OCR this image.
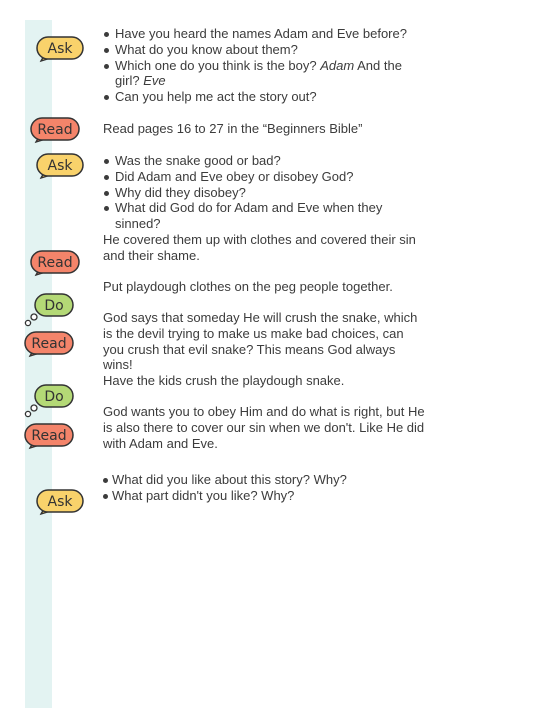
Ask
Read
Ask
Read
Do
Read
Do
Read
Ask
Have you heard the names Adam and Eve before?
What do you know about them?
Which one do you think is the boy? Adam And the girl? Eve
Can you help me act the story out?

Read pages 16 to 27 in the “Beginners Bible”

Was the snake good or bad?
Did Adam and Eve obey or disobey God?
Why did they disobey?
What did God do for Adam and Eve when they sinned?

He covered them up with clothes and covered their sin and their shame.

Put playdough clothes on the peg people together.

God says that someday He will crush the snake, which is the devil trying to make us make bad choices, can you crush that evil snake? This means God always wins!

Have the kids crush the playdough snake.

God wants you to obey Him and do what is right, but He is also there to cover our sin when we don't. Like He did with Adam and Eve.

What did you like about this story? Why?
What part didn't you like? Why?
